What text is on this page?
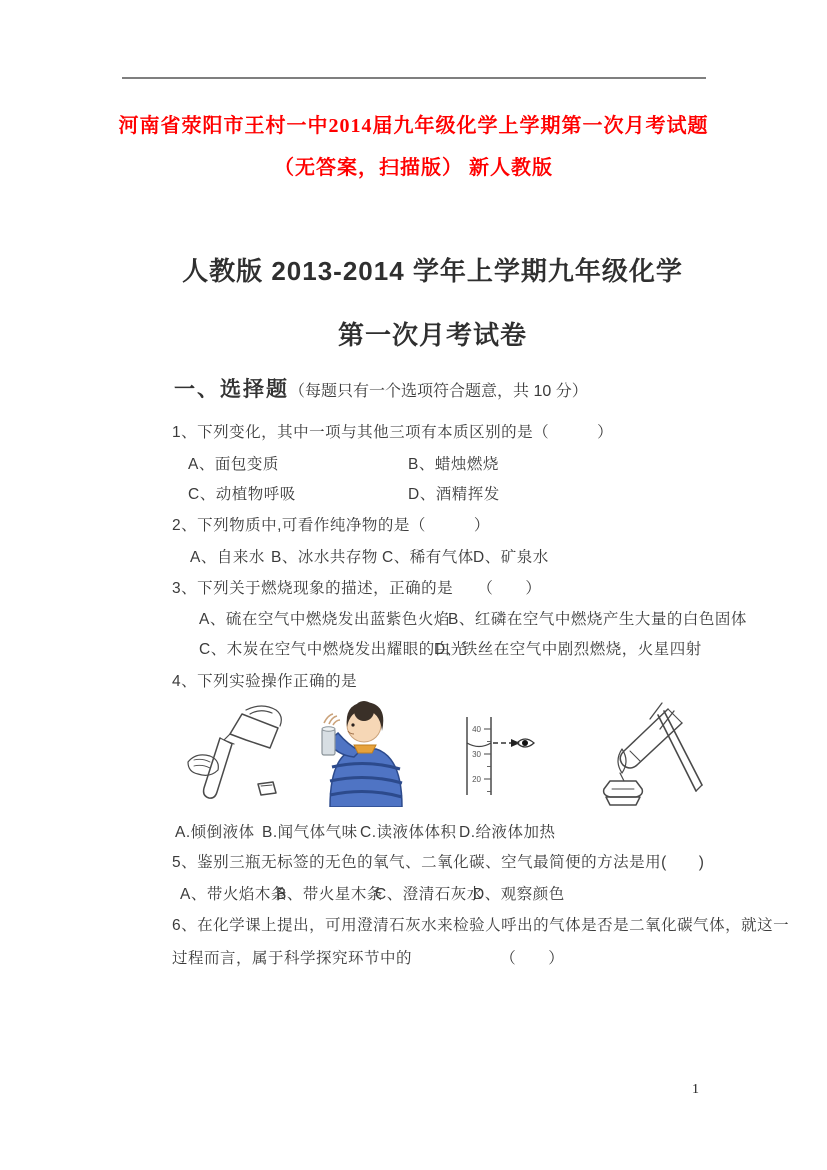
河南省荥阳市王村一中2014届九年级化学上学期第一次月考试题
（无答案，扫描版） 新人教版
人教版 2013-2014 学年上学期九年级化学
第一次月考试卷
一、选择题（每题只有一个选项符合题意，共 10 分）
1、下列变化，其中一项与其他三项有本质区别的是（　　　）
A、面包变质	B、蜡烛燃烧
C、动植物呼吸	D、酒精挥发
2、下列物质中,可看作纯净物的是（　　　）
A、自来水 B、冰水共存物 C、稀有气体 D、矿泉水
3、下列关于燃烧现象的描述，正确的是　　（　　）
A、硫在空气中燃烧发出蓝紫色火焰
B、红磷在空气中燃烧产生大量的白色固体
C、木炭在空气中燃烧发出耀眼的白光
D、铁丝在空气中剧烈燃烧，火星四射
4、下列实验操作正确的是
40
30
20
A.倾倒液体 B.闻气体气味 C.读液体体积 D.给液体加热
5、鉴别三瓶无标签的无色的氧气、二氧化碳、空气最简便的方法是用(　　)
A、带火焰木条
B、带火星木条
C、澄清石灰水
D、观察颜色
6、在化学课上提出，可用澄清石灰水来检验人呼出的气体是否是二氧化碳气体，就这一
过程而言，属于科学探究环节中的　　　　　　（　　）
1
